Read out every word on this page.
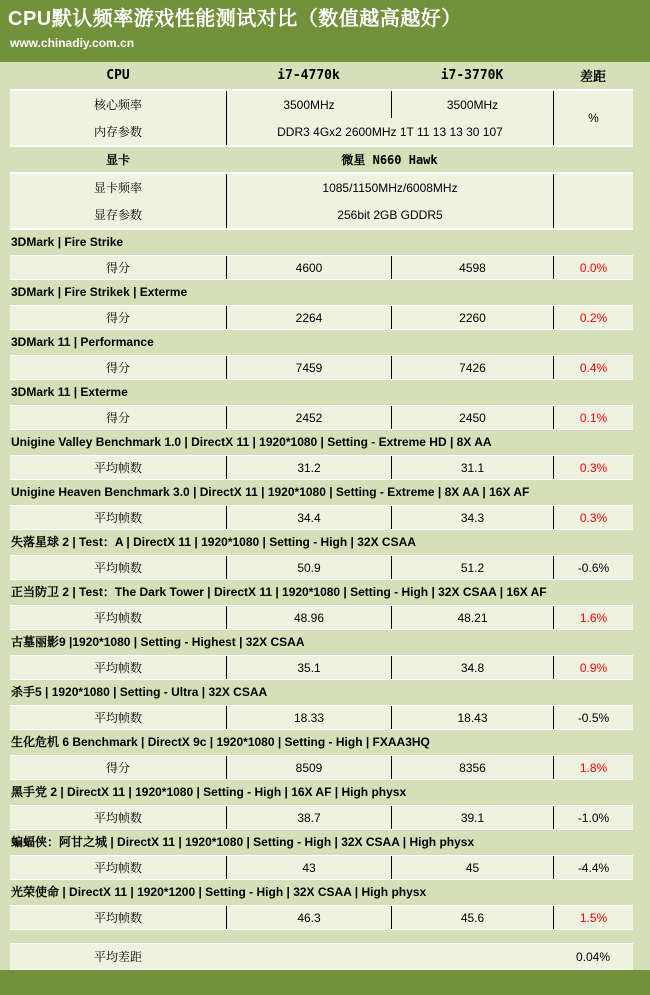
CPU默认频率游戏性能测试对比（数值越高越好）
www.chinadiy.com.cn
CPU	i7-4770k	i7-3770K	差距
核心频率	3500MHz	3500MHz
%
内存参数	DDR3 4Gx2 2600MHz 1T 11 13 13 30 107
显卡	微星 N660 Hawk
显卡频率	1085/1150MHz/6008MHz
显存参数	256bit 2GB GDDR5
3DMark | Fire Strike
得分	4600	4598	0.0%
3DMark | Fire Strikek | Exterme
得分	2264	2260	0.2%
3DMark 11 | Performance
得分	7459	7426	0.4%
3DMark 11 | Exterme
得分	2452	2450	0.1%
Unigine Valley Benchmark 1.0 | DirectX 11 | 1920*1080 | Setting - Extreme HD | 8X AA
平均帧数	31.2	31.1	0.3%
Unigine Heaven Benchmark 3.0 | DirectX 11 | 1920*1080 | Setting - Extreme | 8X AA | 16X AF
平均帧数	34.4	34.3	0.3%
失落星球 2 | Test：A | DirectX 11 | 1920*1080 | Setting - High | 32X CSAA
平均帧数	50.9	51.2	-0.6%
正当防卫 2 | Test：The Dark Tower | DirectX 11 | 1920*1080 | Setting - High | 32X CSAA | 16X AF
平均帧数	48.96	48.21	1.6%
古墓丽影9 |1920*1080 | Setting - Highest | 32X CSAA
平均帧数	35.1	34.8	0.9%
杀手5 | 1920*1080 | Setting - Ultra | 32X CSAA
平均帧数	18.33	18.43	-0.5%
生化危机 6 Benchmark | DirectX 9c | 1920*1080 | Setting - High | FXAA3HQ
得分	8509	8356	1.8%
黑手党 2 | DirectX 11 | 1920*1080 | Setting - High | 16X AF | High physx
平均帧数	38.7	39.1	-1.0%
蝙蝠侠：阿甘之城 | DirectX 11 | 1920*1080 | Setting - High | 32X CSAA | High physx
平均帧数	43	45	-4.4%
光荣使命 | DirectX 11 | 1920*1200 | Setting - High | 32X CSAA | High physx
平均帧数	46.3	45.6	1.5%
平均差距	0.04%
